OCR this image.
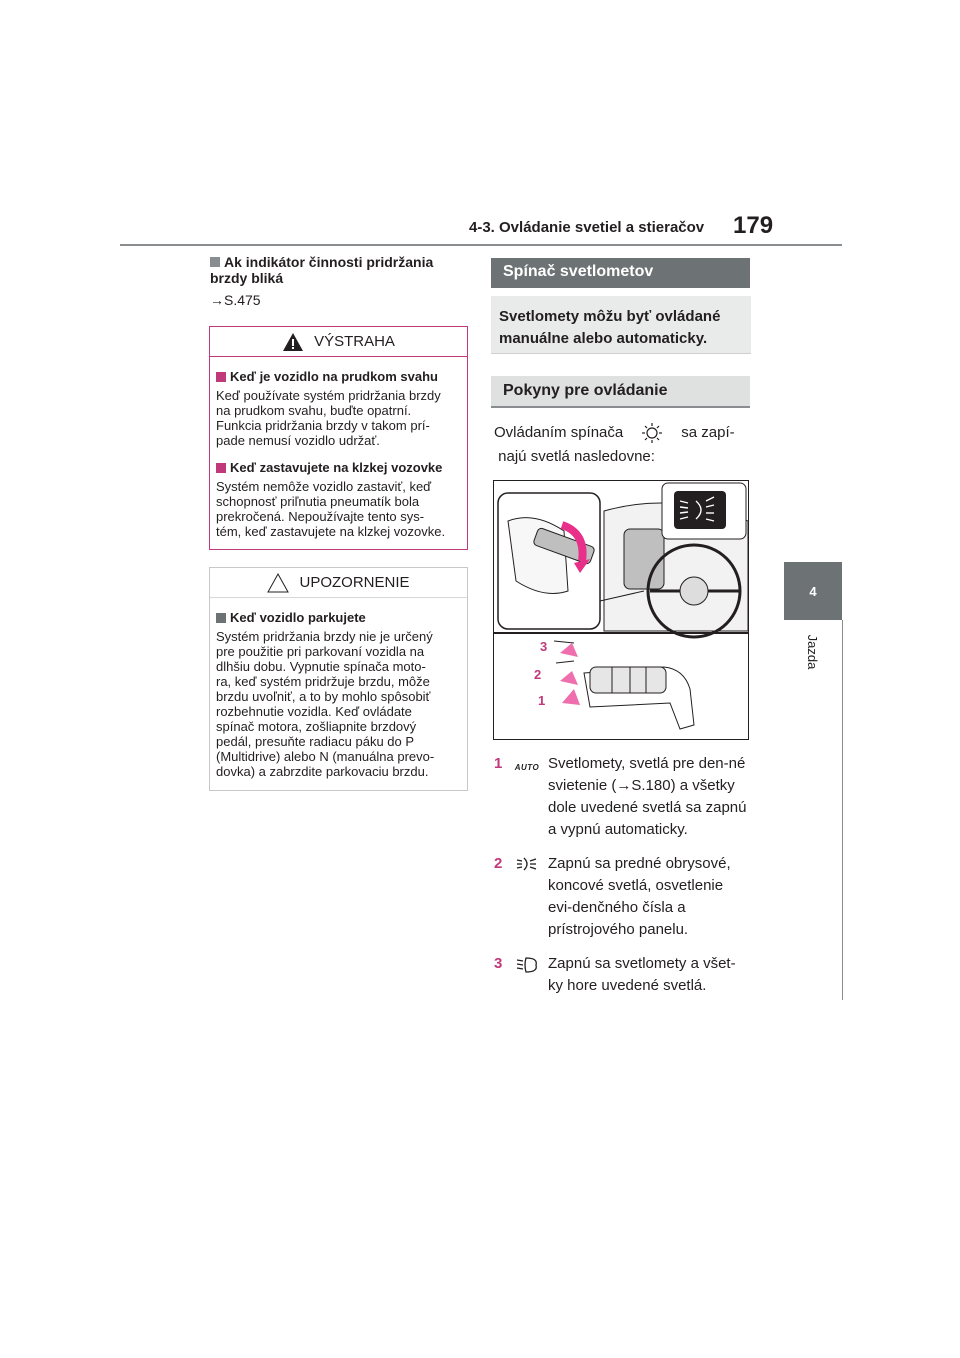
4-3. Ovládanie svetiel a stieračov 179
4
Jazda
Ak indikátor činnosti pridržania brzdy bliká
→S.475
VÝSTRAHA
Keď je vozidlo na prudkom svahu
Keď používate systém pridržania brzdy
na prudkom svahu, buďte opatrní.
Funkcia pridržania brzdy v takom prí-
pade nemusí vozidlo udržať.
Keď zastavujete na klzkej vozovke
Systém nemôže vozidlo zastaviť, keď
schopnosť priľnutia pneumatík bola
prekročená. Nepoužívajte tento sys-
tém, keď zastavujete na klzkej vozovke.
UPOZORNENIE
Keď vozidlo parkujete
Systém pridržania brzdy nie je určený
pre použitie pri parkovaní vozidla na
dlhšiu dobu. Vypnutie spínača moto-
ra, keď systém pridržuje brzdu, môže
brzdu uvoľniť, a to by mohlo spôsobiť
rozbehnutie vozidla. Keď ovládate
spínač motora, zošliapnite brzdový
pedál, presuňte radiacu páku do P
(Multidrive) alebo N (manuálna prevo-
dovka) a zabrzdite parkovaciu brzdu.
Spínač svetlometov
Svetlomety môžu byť ovládané manuálne alebo automaticky.
Pokyny pre ovládanie
Ovládaním spínača	sa zapí- najú svetlá nasledovne:
3
2
1
1	AUTO Svetlomety, svetlá pre den-né svietenie (→S.180) a všetky dole uvedené svetlá sa zapnú a vypnú automaticky.
2	Zapnú sa predné obrysové, koncové svetlá, osvetlenie evi-denčného čísla a prístrojového panelu.
3	Zapnú sa svetlomety a všet-ky hore uvedené svetlá.
